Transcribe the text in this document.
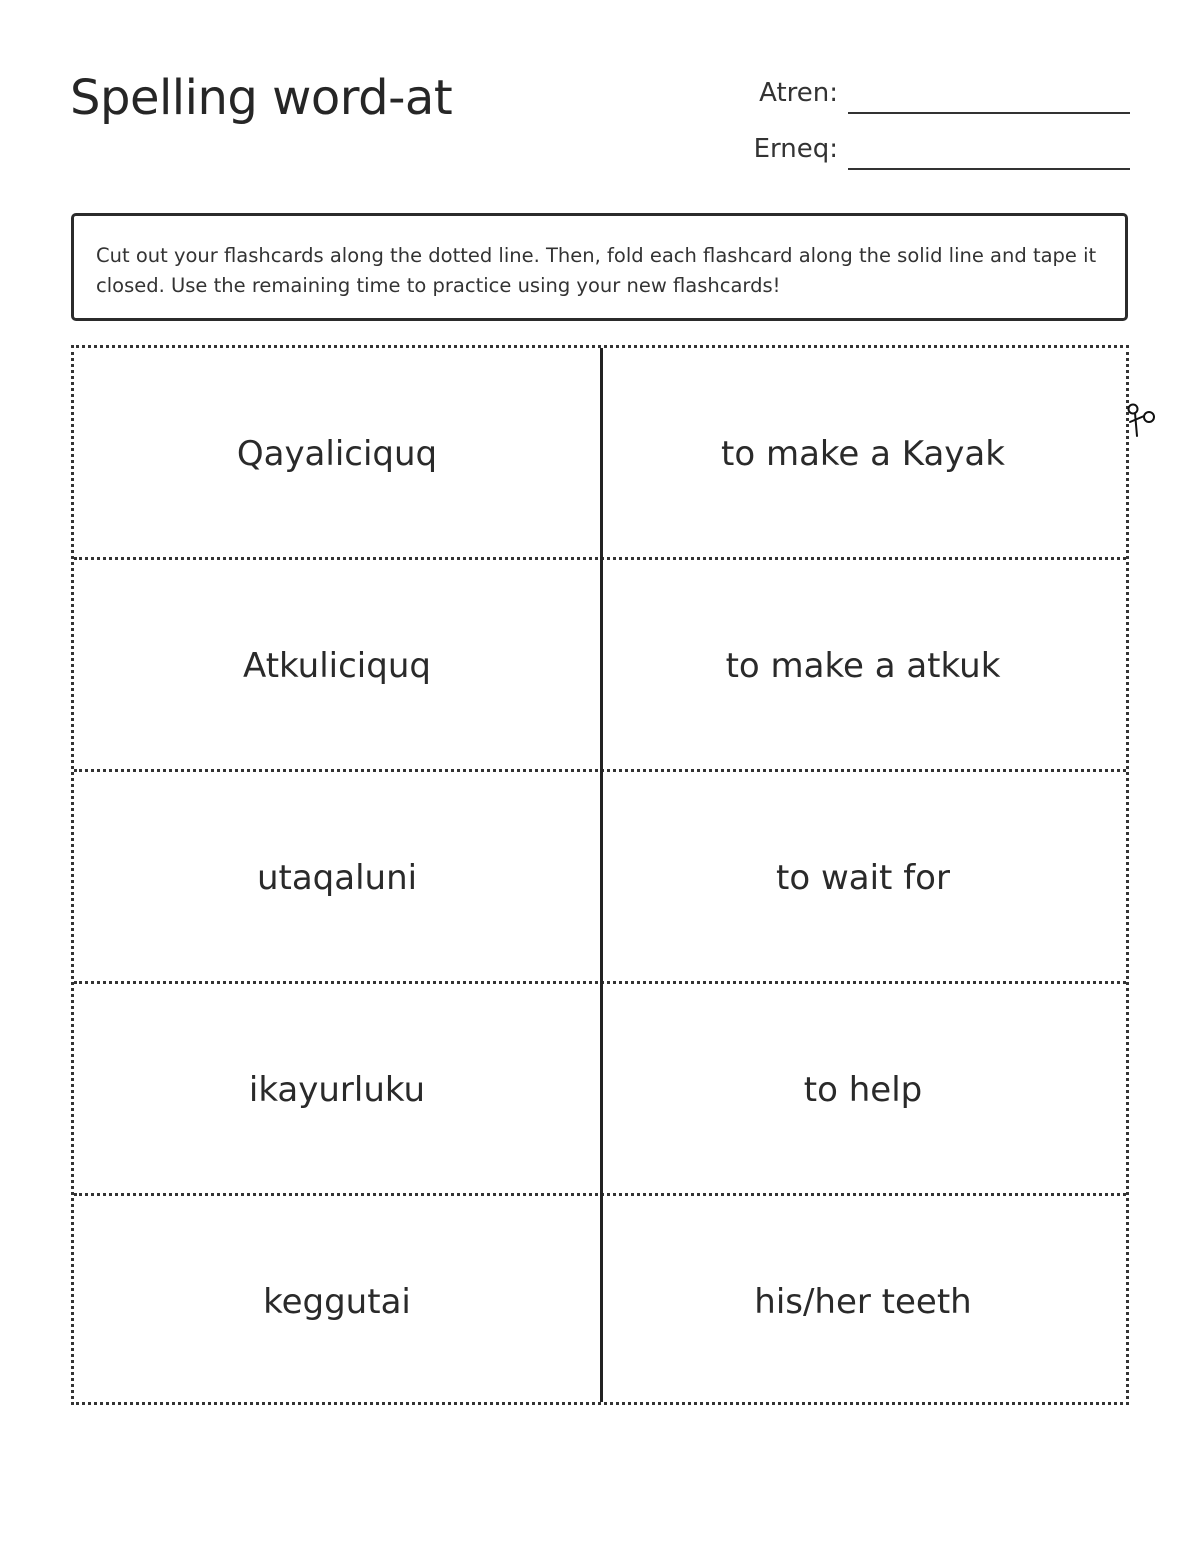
Spelling word-at	Atren:
Erneq:
Cut out your flashcards along the dotted line. Then, fold each flashcard along the solid line and tape it closed. Use the remaining time to practice using your new flashcards!
Qayaliciquq	to make a Kayak
Atkuliciquq	to make a atkuk
utaqaluni	to wait for
ikayurluku	to help
keggutai	his/her teeth
